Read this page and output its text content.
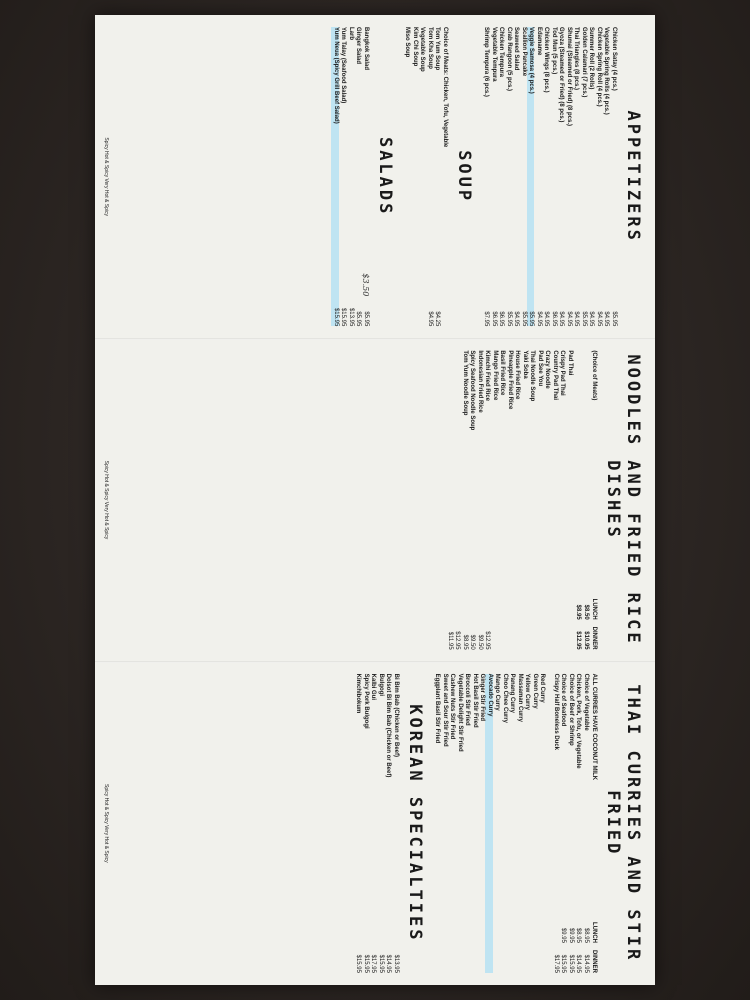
APPETIZERS
Chicken Satay (4 pcs.)
$5.95
Vegetable Spring Rolls (4 pcs.)
$4.95
Chicken Spring Roll (4 pcs.)
$4.95
Summer Roll (2 Rolls)
$4.95
Golden Calamari (7 pcs.)
$5.95
Thai Triangles (8 pcs.)
$4.95
Shumai (Steamed or Fried) (8 pcs.)
$4.95
Gyoza (Steamed or Fried) (8 pcs.)
$4.95
Tod Mun (5 pcs.)
$6.95
Chicken Wings (8 pcs.)
$4.95
Edamame
$4.95
Veggie Samosa (4 pcs.)
$5.95
Scallion Pancake
$5.95
Seaweed Salad
$4.95
Crab Rangoon (5 pcs.)
$5.95
Chicken Tempura
$6.95
Vegetable Tempura
$6.95
Shrimp Tempura (6 pcs.)
$7.95
SOUP
Choice of Meats: Chicken, Tofu, Vegetable
Tom Yum Soup
$4.25
Tom Kha Soup
$4.95
Vegetable Soup
Kim Chi Soup
Miso Soup
SALADS
Bangkok Salad
$3.50
$5.95
Ginger Salad
$5.95
Larb
$13.95
Yum Talay (Seafood Salad)
$15.95
Yum Neua (Spicy Grill Beef Salad)
$15.95
Spicy Hot & Spicy Very Hot & Spicy
NOODLES AND FRIED RICE DISHES
(Choice of Meats)
LUNCH
DINNER
$8.50
$10.95
$8.95
$12.95
Pad Thai
Crispy Pad Thai
Country Pad Thai
Crazy Noodle
Pad See You
Thai Noodle Soup
Yaki Soba
House Fried Rice
Pineapple Fried Rice
Basil Fried Rice
Mango Fried Rice
Kimchi Fried Rice
$12.95
Indonesian Fried Rice
$9.50
Spicy Seafood Noodle Soup
$9.50
Tom Yum Noodle Soup
$8.95
$12.95
$11.95
Spicy Hot & Spicy Very Hot & Spicy
THAI CURRIES AND STIR FRIED
ALL CURRIES HAVE COCONUT MILK
LUNCH
DINNER
Choice of Vegetable
$8.95
$14.95
Chicken, Pork, Tofu, or Vegetable
$8.95
$14.95
Choice of Beef or Shrimp
$9.95
$15.95
Choice of Seafood
$9.95
$15.95
Crispy Half Boneless Duck
$17.95
Red Curry
Green Curry
Yellow Curry
Massaman Curry
Panang Curry
Choo Chee Curry
Mango Curry
Avocado Curry
Ginger Stir Fried
Hot Basil Stir Fried
Broccoli Stir Fried
Vegetable Delight Stir Fried
Cashew Nuts Stir Fried
Sweet and Sour Stir Fried
Eggplant Basil Stir Fried
KOREAN SPECIALTIES
Bi Bim Bab (Chicken or Beef)
$13.95
Dolsot Bi Bim Bab (Chicken or Beef)
$14.95
Bulgogi
$15.95
Kalbi Gui
$17.95
Spicy Pork Bulgogi
$15.95
Kimchibokum
$15.95
Spicy Hot & Spicy Very Hot & Spicy
